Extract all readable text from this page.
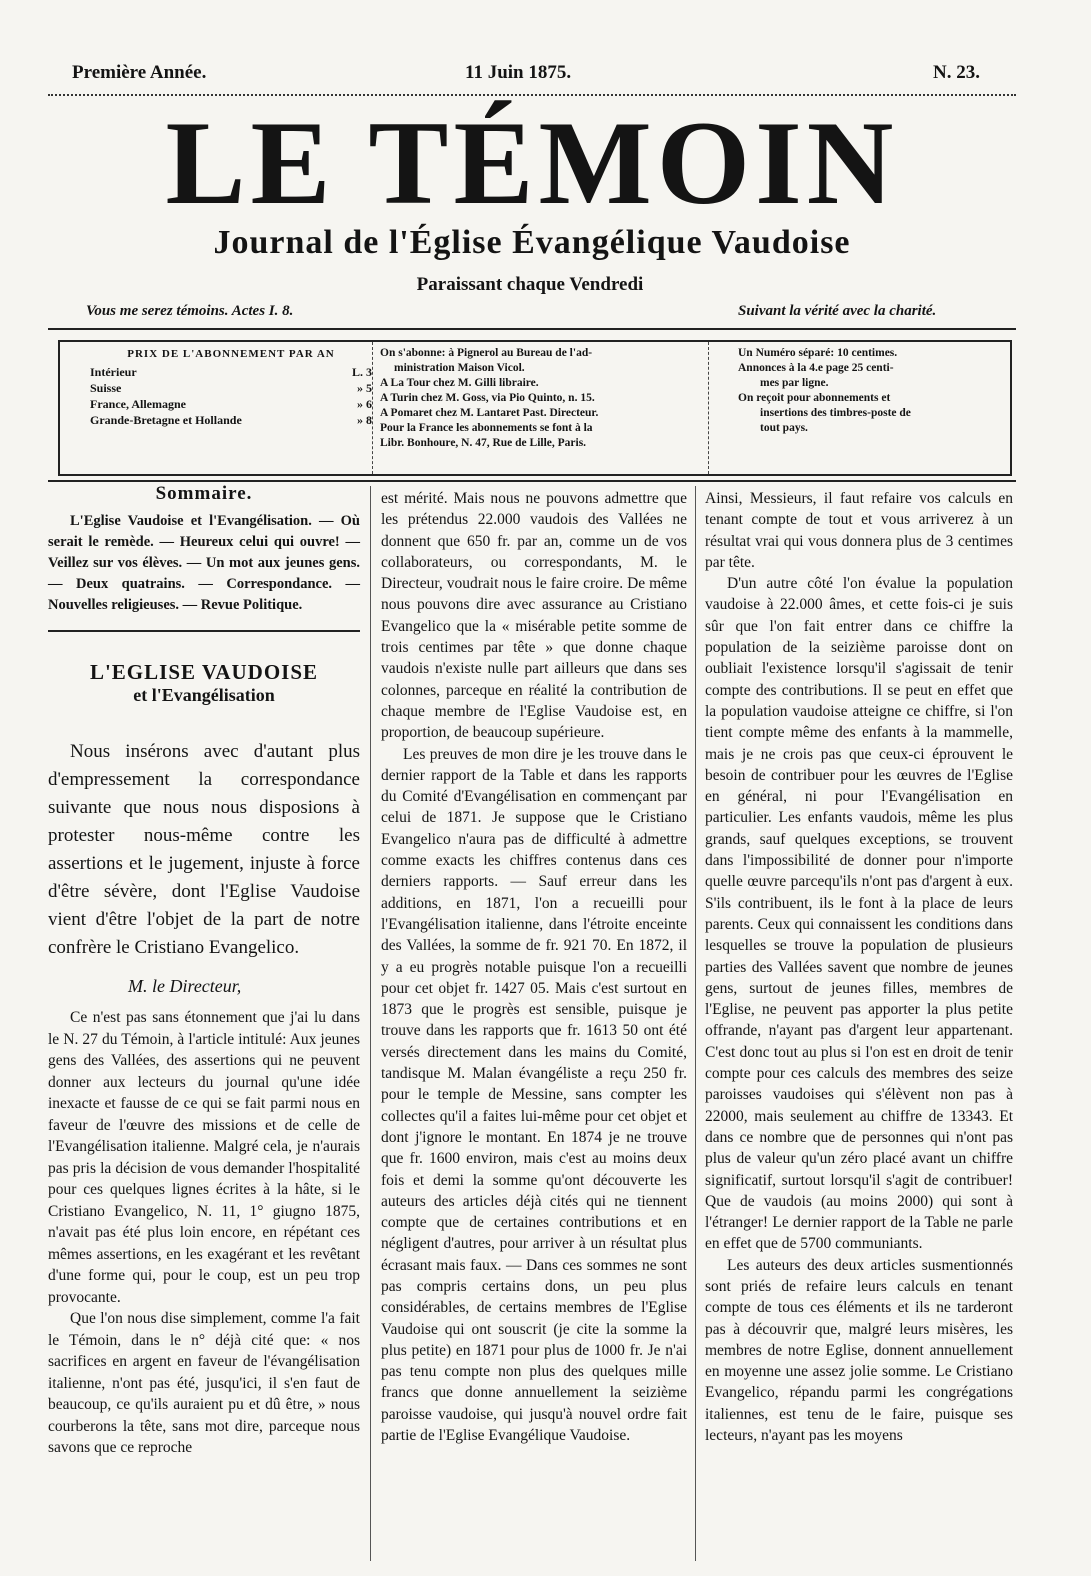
Première Année.	11 Juin 1875.	N. 23.
LE TÉMOIN
Journal de l'Église Évangélique Vaudoise
Paraissant chaque Vendredi
Vous me serez témoins. Actes I. 8.	Suivant la vérité avec la charité.
PRIX DE L'ABONNEMENT PAR AN
Intérieur	L. 3
Suisse	» 5
France, Allemagne	» 6
Grande-Bretagne et Hollande	» 8
On s'abonne: à Pignerol au Bureau de l'ad-
ministration Maison Vicol.
A La Tour chez M. Gilli libraire.
A Turin chez M. Goss, via Pio Quinto, n. 15.
A Pomaret chez M. Lantaret Past. Directeur.
Pour la France les abonnements se font à la
Libr. Bonhoure, N. 47, Rue de Lille, Paris.
Un Numéro séparé: 10 centimes.
Annonces à la 4.e page 25 centi-
mes par ligne.
On reçoit pour abonnements et
insertions des timbres-poste de
tout pays.
Sommaire.

L'Eglise Vaudoise et l'Evangélisation. — Où serait le remède. — Heureux celui qui ouvre! — Veillez sur vos élèves. — Un mot aux jeunes gens. — Deux quatrains. — Correspondance. — Nouvelles religieuses. — Revue Politique.

L'EGLISE VAUDOISE
et l'Evangélisation

Nous insérons avec d'autant plus d'empressement la correspondance suivante que nous nous disposions à protester nous-même contre les assertions et le jugement, injuste à force d'être sévère, dont l'Eglise Vaudoise vient d'être l'objet de la part de notre confrère le Cristiano Evangelico.

M. le Directeur,

Ce n'est pas sans étonnement que j'ai lu dans le N. 27 du Témoin, à l'article intitulé: Aux jeunes gens des Vallées, des assertions qui ne peuvent donner aux lecteurs du journal qu'une idée inexacte et fausse de ce qui se fait parmi nous en faveur de l'œuvre des missions et de celle de l'Evangélisation italienne. Malgré cela, je n'aurais pas pris la décision de vous demander l'hospitalité pour ces quelques lignes écrites à la hâte, si le Cristiano Evangelico, N. 11, 1° giugno 1875, n'avait pas été plus loin encore, en répétant ces mêmes assertions, en les exagérant et les revêtant d'une forme qui, pour le coup, est un peu trop provocante.

Que l'on nous dise simplement, comme l'a fait le Témoin, dans le n° déjà cité que: « nos sacrifices en argent en faveur de l'évangélisation italienne, n'ont pas été, jusqu'ici, il s'en faut de beaucoup, ce qu'ils auraient pu et dû être, » nous courberons la tête, sans mot dire, parceque nous savons que ce reproche

est mérité. Mais nous ne pouvons admettre que les prétendus 22.000 vaudois des Vallées ne donnent que 650 fr. par an, comme un de vos collaborateurs, ou correspondants, M. le Directeur, voudrait nous le faire croire. De même nous pouvons dire avec assurance au Cristiano Evangelico que la « misérable petite somme de trois centimes par tête » que donne chaque vaudois n'existe nulle part ailleurs que dans ses colonnes, parceque en réalité la contribution de chaque membre de l'Eglise Vaudoise est, en proportion, de beaucoup supérieure.

Les preuves de mon dire je les trouve dans le dernier rapport de la Table et dans les rapports du Comité d'Evangélisation en commençant par celui de 1871. Je suppose que le Cristiano Evangelico n'aura pas de difficulté à admettre comme exacts les chiffres contenus dans ces derniers rapports. — Sauf erreur dans les additions, en 1871, l'on a recueilli pour l'Evangélisation italienne, dans l'étroite enceinte des Vallées, la somme de fr. 921 70. En 1872, il y a eu progrès notable puisque l'on a recueilli pour cet objet fr. 1427 05. Mais c'est surtout en 1873 que le progrès est sensible, puisque je trouve dans les rapports que fr. 1613 50 ont été versés directement dans les mains du Comité, tandisque M. Malan évangéliste a reçu 250 fr. pour le temple de Messine, sans compter les collectes qu'il a faites lui-même pour cet objet et dont j'ignore le montant. En 1874 je ne trouve que fr. 1600 environ, mais c'est au moins deux fois et demi la somme qu'ont découverte les auteurs des articles déjà cités qui ne tiennent compte que de certaines contributions et en négligent d'autres, pour arriver à un résultat plus écrasant mais faux. — Dans ces sommes ne sont pas compris certains dons, un peu plus considérables, de certains membres de l'Eglise Vaudoise qui ont souscrit (je cite la somme la plus petite) en 1871 pour plus de 1000 fr. Je n'ai pas tenu compte non plus des quelques mille francs que donne annuellement la seizième paroisse vaudoise, qui jusqu'à nouvel ordre fait partie de l'Eglise Evangélique Vaudoise.

Ainsi, Messieurs, il faut refaire vos calculs en tenant compte de tout et vous arriverez à un résultat vrai qui vous donnera plus de 3 centimes par tête.

D'un autre côté l'on évalue la population vaudoise à 22.000 âmes, et cette fois-ci je suis sûr que l'on fait entrer dans ce chiffre la population de la seizième paroisse dont on oubliait l'existence lorsqu'il s'agissait de tenir compte des contributions. Il se peut en effet que la population vaudoise atteigne ce chiffre, si l'on tient compte même des enfants à la mammelle, mais je ne crois pas que ceux-ci éprouvent le besoin de contribuer pour les œuvres de l'Eglise en général, ni pour l'Evangélisation en particulier. Les enfants vaudois, même les plus grands, sauf quelques exceptions, se trouvent dans l'impossibilité de donner pour n'importe quelle œuvre parcequ'ils n'ont pas d'argent à eux. S'ils contribuent, ils le font à la place de leurs parents. Ceux qui connaissent les conditions dans lesquelles se trouve la population de plusieurs parties des Vallées savent que nombre de jeunes gens, surtout de jeunes filles, membres de l'Eglise, ne peuvent pas apporter la plus petite offrande, n'ayant pas d'argent leur appartenant. C'est donc tout au plus si l'on est en droit de tenir compte pour ces calculs des membres des seize paroisses vaudoises qui s'élèvent non pas à 22000, mais seulement au chiffre de 13343. Et dans ce nombre que de personnes qui n'ont pas plus de valeur qu'un zéro placé avant un chiffre significatif, surtout lorsqu'il s'agit de contribuer! Que de vaudois (au moins 2000) qui sont à l'étranger! Le dernier rapport de la Table ne parle en effet que de 5700 communiants.

Les auteurs des deux articles susmentionnés sont priés de refaire leurs calculs en tenant compte de tous ces éléments et ils ne tarderont pas à découvrir que, malgré leurs misères, les membres de notre Eglise, donnent annuellement en moyenne une assez jolie somme. Le Cristiano Evangelico, répandu parmi les congrégations italiennes, est tenu de le faire, puisque ses lecteurs, n'ayant pas les moyens
